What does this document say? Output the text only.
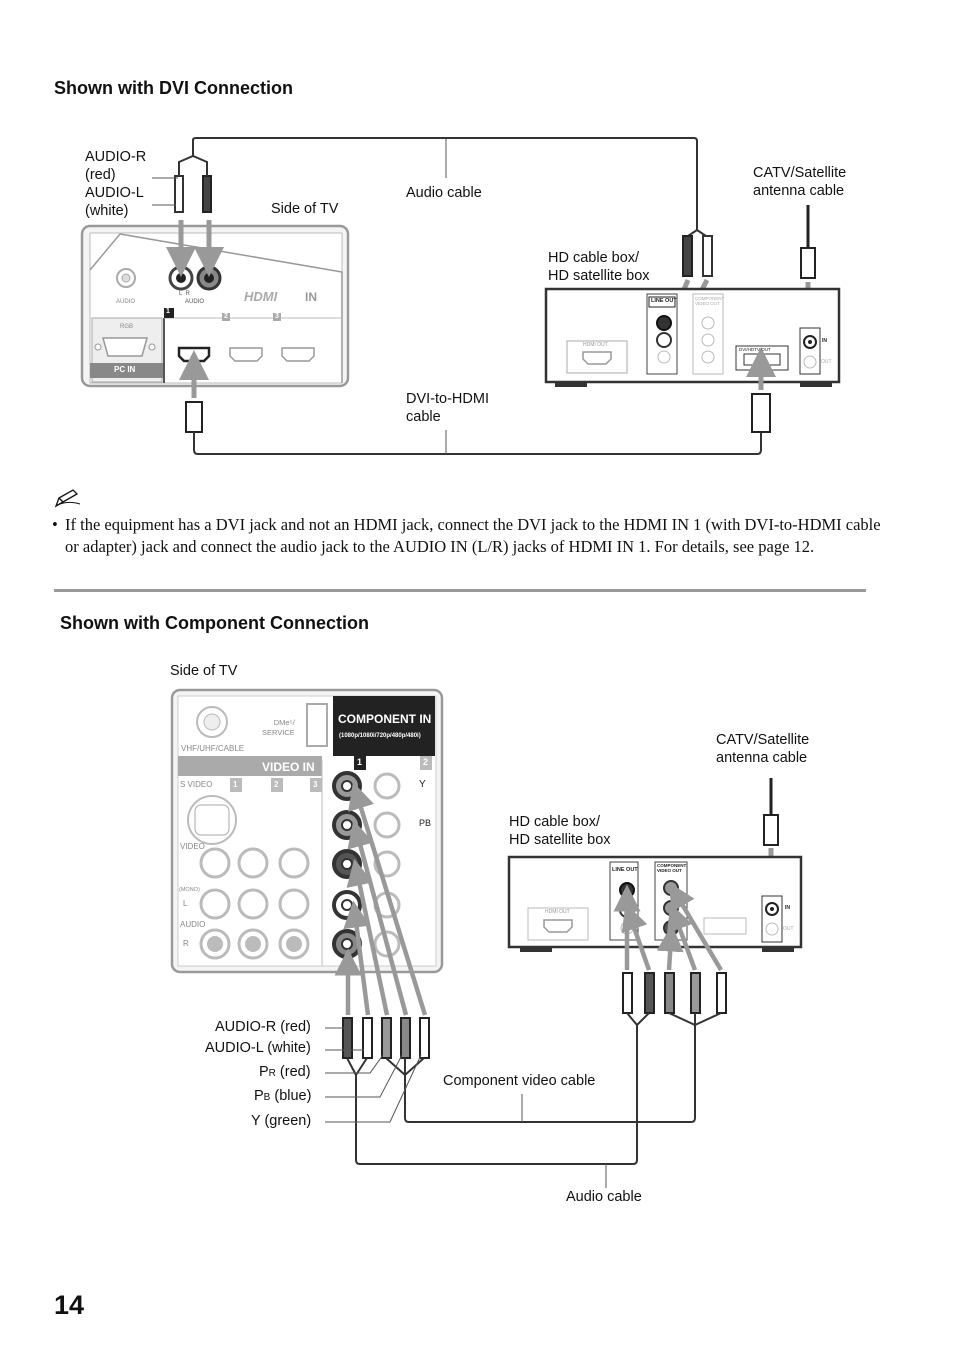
Shown with DVI Connection
Shown with Component Connection
HDMI
AUDIO
RGB
PC IN
L  R
AUDIO	IN
1
2	3
HDMI OUT
LINE OUT	COMPONENT VIDEO OUT
DVI/HDTV OUT
IN
OUT
VHF/UHF/CABLE
DMe⁵/
SERVICE
COMPONENT IN
(1080p/1080i/720p/480p/480i)
VIDEO IN
S VIDEO
VIDEO
(MONO)
L
AUDIO
R
1	2	3
1	2
Y
PB
HDMI OUT
LINE OUT
COMPONENT VIDEO OUT
IN
OUT
AUDIO-R
(red)
AUDIO-L
(white)	Side of TV
Audio cable
CATV/Satellite
antenna cable
HD cable box/
HD satellite box
DVI-to-HDMI
cable
• If the equipment has a DVI jack and not an HDMI jack, connect the DVI jack to the HDMI IN 1 (with DVI-to-HDMI cable or adapter) jack and connect the audio jack to the AUDIO IN (L/R) jacks of HDMI IN 1. For details, see page 12.
Side of TV
CATV/Satellite
antenna cable
HD cable box/
HD satellite box
AUDIO-R (red)
AUDIO-L (white)
PR (red)
PB (blue)
Y (green)
Component video cable
Audio cable
14
